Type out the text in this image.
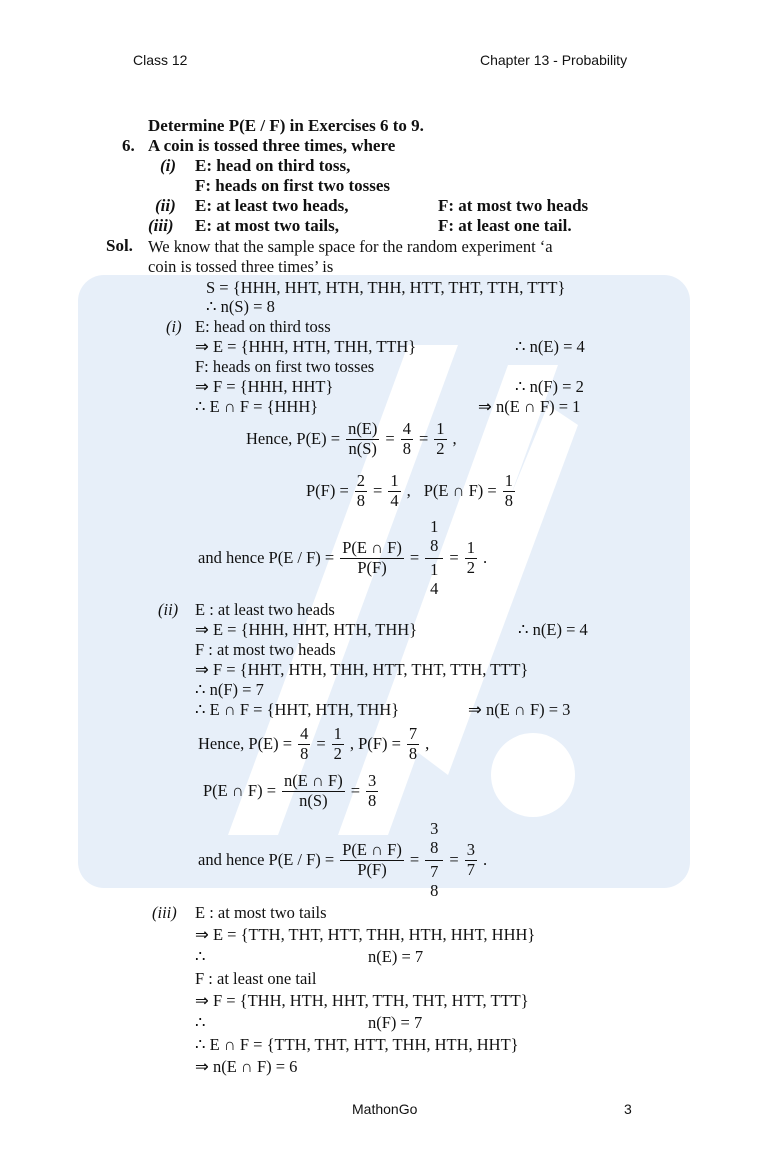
Class 12	Chapter 13 - Probability
Determine P(E / F) in Exercises 6 to 9.
6. A coin is tossed three times, where
(i) E: head on third toss,
F: heads on first two tosses
(ii) E: at least two heads,	F: at most two heads
(iii) E: at most two tails,	F: at least one tail.
Sol. We know that the sample space for the random experiment ‘a
coin is tossed three times’ is
S = {HHH, HHT, HTH, THH, HTT, THT, TTH, TTT}
∴ n(S) = 8
(i) E: head on third toss
⇒ E = {HHH, HTH, THH, TTH}	∴ n(E) = 4
F: heads on first two tosses
⇒ F = {HHH, HHT}	∴ n(F) = 2
∴ E ∩ F = {HHH}	⇒ n(E ∩ F) = 1
Hence, $P(E) = \frac{n(E)}{n(S)} = \frac{4}{8} = \frac{1}{2}$ ,
$P(F) = \frac{2}{8} = \frac{1}{4}$ , P(E ∩ $F) = \frac{1}{8}$
and hence $P(E / F) = \frac{P(E \cap F)}{P(F)}$ =
1
8
1
4
= $\frac{1}{2}$ .
(ii) E : at least two heads
⇒ E = {HHH, HHT, HTH, THH}	∴ n(E) = 4
F : at most two heads
⇒ F = {HHT, HTH, THH, HTT, THT, TTH, TTT}
∴ n(F) = 7
∴ E ∩ F = {HHT, HTH, THH}	⇒ n(E ∩ F) = 3
Hence, $P(E) = \frac{4}{8} = \frac{1}{2}$ , $P(F) = \frac{7}{8}$ ,
P(E ∩ $F) = \frac{n(E \cap F)}{n(S)} = \frac{3}{8}$
and hence $P(E / F) = \frac{P(E \cap F)}{P(F)}$ =
3
8
7
8
= $\frac{3}{7}$ .
(iii) E : at most two tails
⇒ E = {TTH, THT, HTT, THH, HTH, HHT, HHH}
∴	n(E) = 7
F : at least one tail
⇒ F = {THH, HTH, HHT, TTH, THT, HTT, TTT}
∴	n(F) = 7
∴ E ∩ F = {TTH, THT, HTT, THH, HTH, HHT}
⇒ n(E ∩ F) = 6
MathonGo	3
